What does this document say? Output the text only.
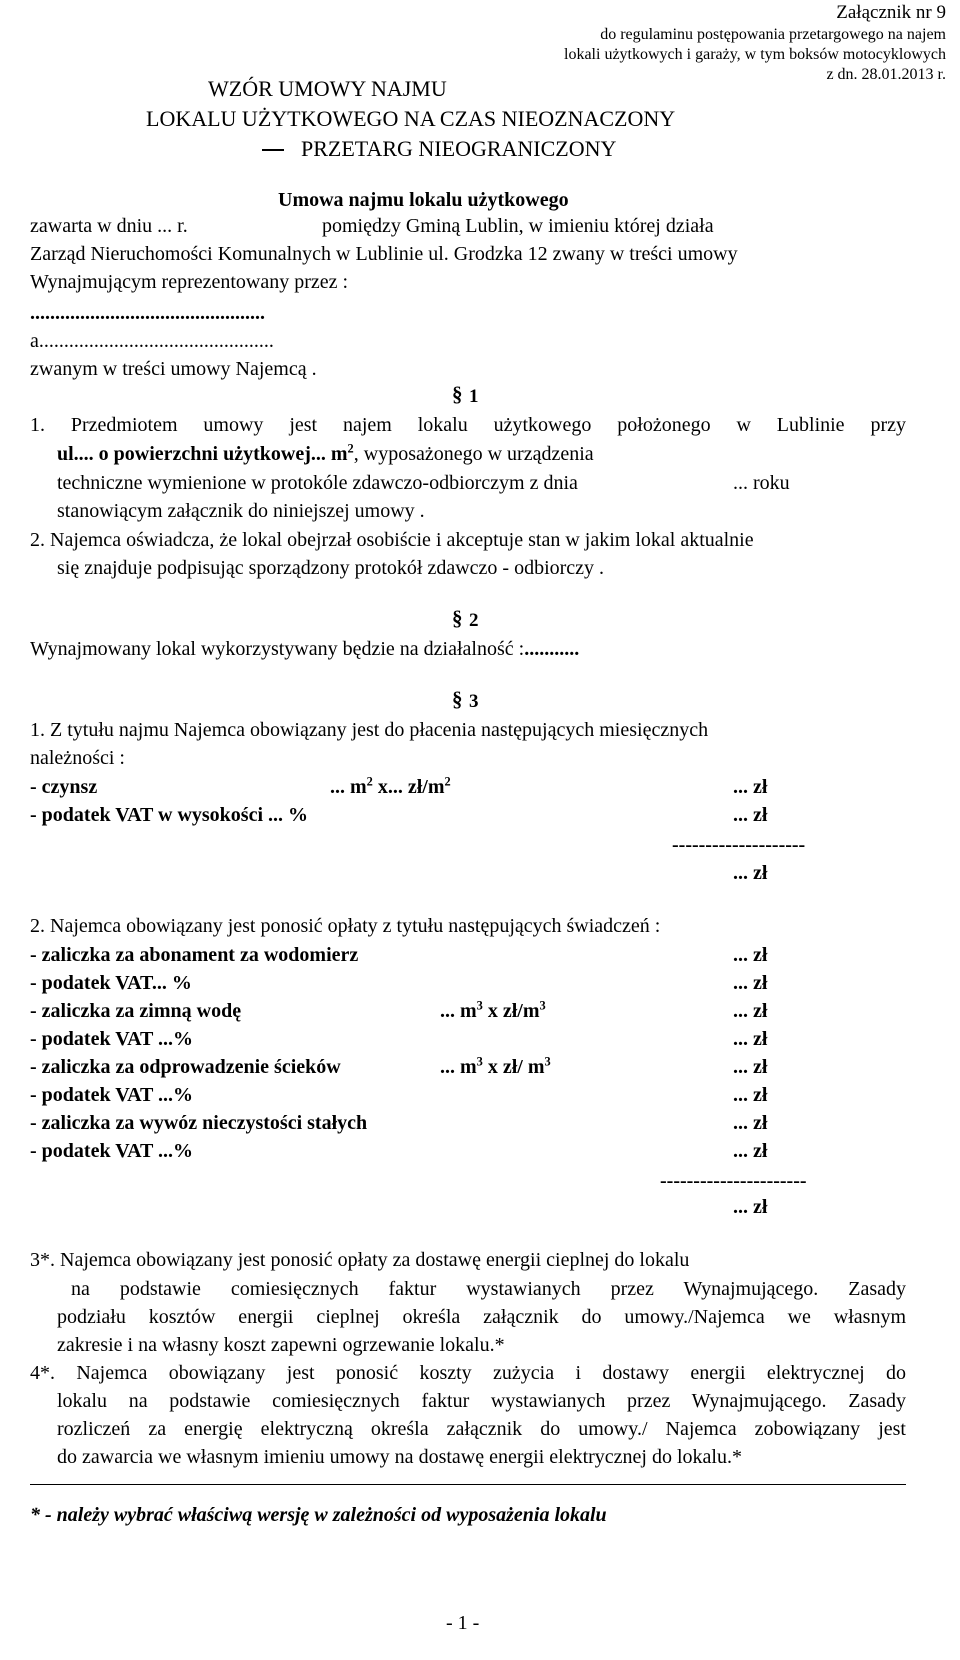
Załącznik nr 9
do regulaminu postępowania przetargowego na najem
lokali użytkowych i garaży, w tym boksów motocyklowych
z dn. 28.01.2013 r.
WZÓR UMOWY NAJMU
LOKALU UŻYTKOWEGO NA CZAS NIEOZNACZONY
PRZETARG NIEOGRANICZONY
Umowa najmu lokalu użytkowego
zawarta w dniu ... r.	pomiędzy Gminą Lublin, w imieniu której działa
Zarząd Nieruchomości Komunalnych w Lublinie ul. Grodzka 12 zwany w treści umowy
Wynajmującym reprezentowany przez :
...............................................
a...............................................
zwanym w treści umowy Najemcą .
§ 1
1. Przedmiotem umowy jest najem lokalu użytkowego położonego w Lublinie przy
ul.... o powierzchni użytkowej... $m^2$, wyposażonego w urządzenia
techniczne wymienione w protokóle zdawczo-odbiorczym z dnia	... roku
stanowiącym załącznik do niniejszej umowy .
2. Najemca oświadcza, że lokal obejrzał osobiście i akceptuje stan w jakim lokal aktualnie
się znajduje podpisując sporządzony protokół zdawczo - odbiorczy .
§ 2
Wynajmowany lokal wykorzystywany będzie na działalność :...........
§ 3
1. Z tytułu najmu Najemca obowiązany jest do płacenia następujących miesięcznych
należności :
- czynsz	... $m^2$ x... $zł/m^2$	... zł
- podatek VAT w wysokości ... %	... zł
--------------------
... zł
2. Najemca obowiązany jest ponosić opłaty z tytułu następujących świadczeń :
- zaliczka za abonament za wodomierz	... zł
- podatek VAT... %	... zł
- zaliczka za zimną wodę	... $m^3$ x $zł/m^3$	... zł
- podatek VAT ...%	... zł
- zaliczka za odprowadzenie ścieków	... $m^3$ x zł/ $m^3$	... zł
- podatek VAT ...%	... zł
- zaliczka za wywóz nieczystości stałych	... zł
- podatek VAT ...%	... zł
----------------------
... zł
3*. Najemca obowiązany jest ponosić opłaty za dostawę energii cieplnej do lokalu
na podstawie comiesięcznych faktur wystawianych przez Wynajmującego. Zasady
podziału kosztów energii cieplnej określa załącznik do umowy./Najemca we własnym
zakresie i na własny koszt zapewni ogrzewanie lokalu.*
4*. Najemca obowiązany jest ponosić koszty zużycia i dostawy energii elektrycznej do
lokalu na podstawie comiesięcznych faktur wystawianych przez Wynajmującego. Zasady
rozliczeń za energię elektryczną określa załącznik do umowy./ Najemca zobowiązany jest
do zawarcia we własnym imieniu umowy na dostawę energii elektrycznej do lokalu.*
* - należy wybrać właściwą wersję w zależności od wyposażenia lokalu
- 1 -
